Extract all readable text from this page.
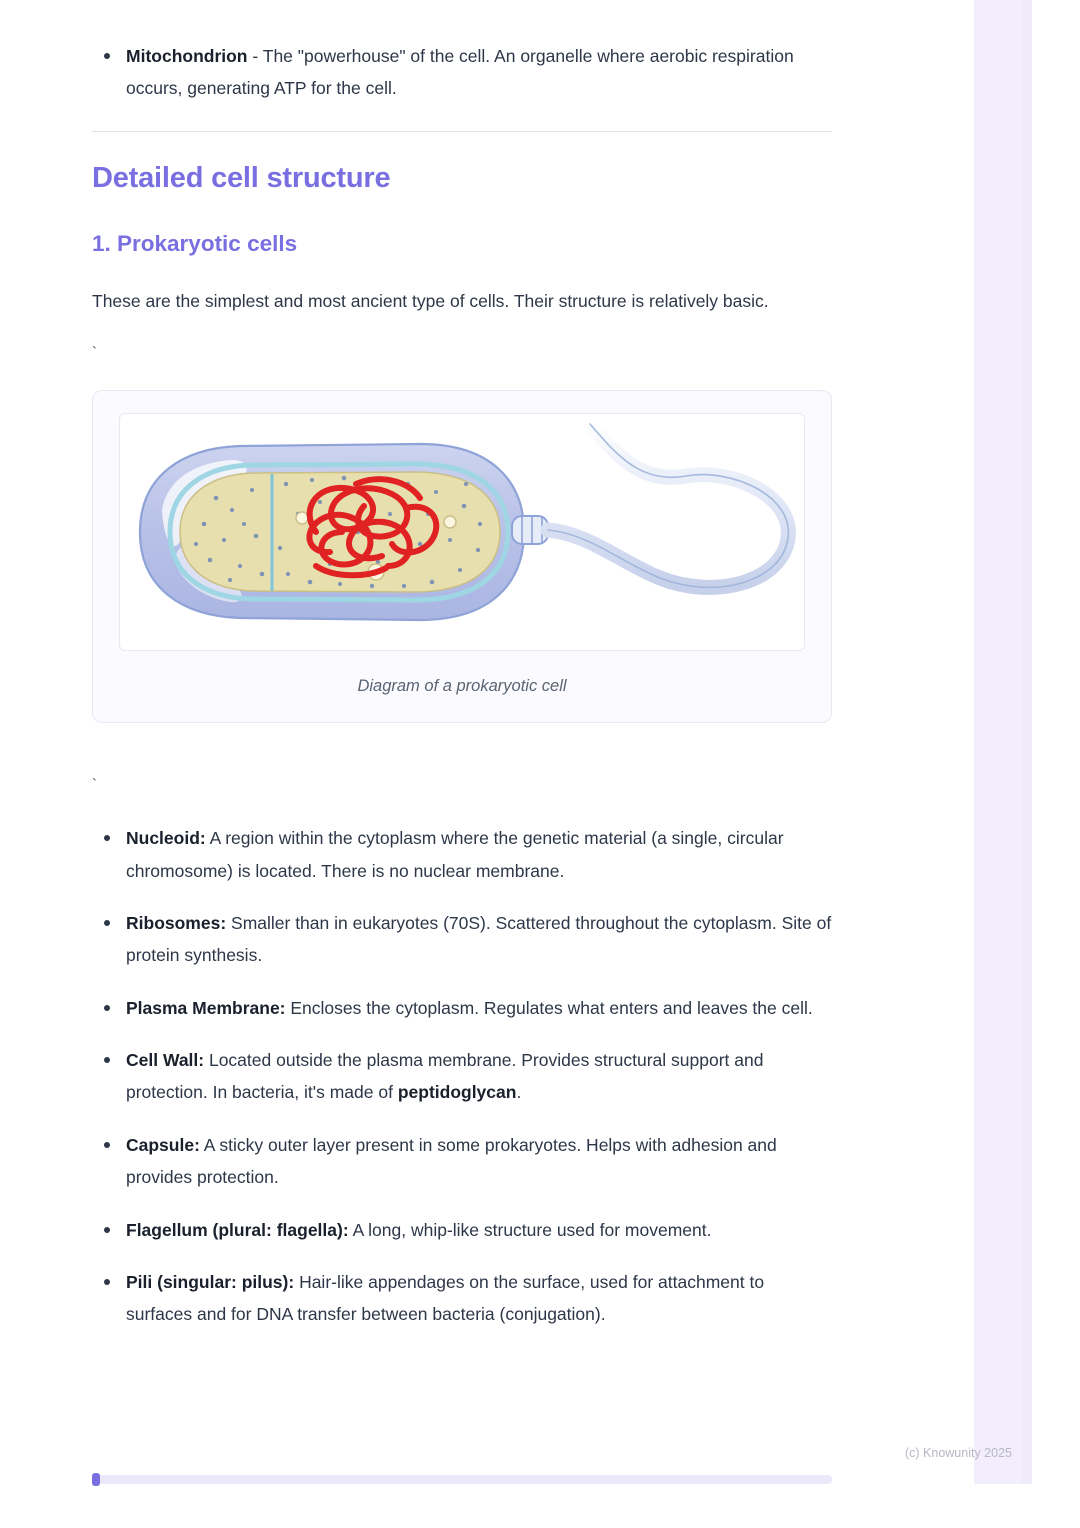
Mitochondrion - The "powerhouse" of the cell. An organelle where aerobic respiration occurs, generating ATP for the cell.
Detailed cell structure
1. Prokaryotic cells

These are the simplest and most ancient type of cells. Their structure is relatively basic.

`

Diagram of a prokaryotic cell

`

Nucleoid: A region within the cytoplasm where the genetic material (a single, circular chromosome) is located. There is no nuclear membrane.
Ribosomes: Smaller than in eukaryotes (70S). Scattered throughout the cytoplasm. Site of protein synthesis.
Plasma Membrane: Encloses the cytoplasm. Regulates what enters and leaves the cell.
Cell Wall: Located outside the plasma membrane. Provides structural support and protection. In bacteria, it's made of peptidoglycan.
Capsule: A sticky outer layer present in some prokaryotes. Helps with adhesion and provides protection.
Flagellum (plural: flagella): A long, whip-like structure used for movement.
Pili (singular: pilus): Hair-like appendages on the surface, used for attachment to surfaces and for DNA transfer between bacteria (conjugation).
(c) Knowunity 2025
